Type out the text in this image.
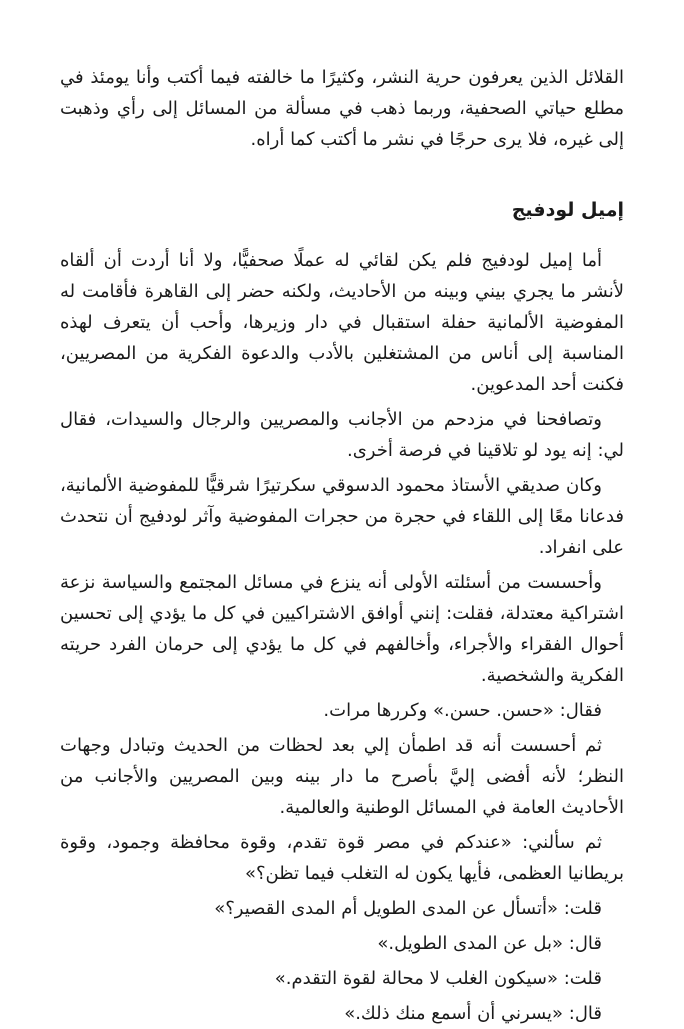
القلائل الذين يعرفون حرية النشر، وكثيرًا ما خالفته فيما أكتب وأنا يومئذ في مطلع حياتي الصحفية، وربما ذهب في مسألة من المسائل إلى رأي وذهبت إلى غيره، فلا يرى حرجًا في نشر ما أكتب كما أراه.

إميل لودفيج

أما إميل لودفيج فلم يكن لقائي له عملًا صحفيًّا، ولا أنا أردت أن ألقاه لأنشر ما يجري بيني وبينه من الأحاديث، ولكنه حضر إلى القاهرة فأقامت له المفوضية الألمانية حفلة استقبال في دار وزيرها، وأحب أن يتعرف لهذه المناسبة إلى أناس من المشتغلين بالأدب والدعوة الفكرية من المصريين، فكنت أحد المدعوين.

وتصافحنا في مزدحم من الأجانب والمصريين والرجال والسيدات، فقال لي: إنه يود لو تلاقينا في فرصة أخرى.

وكان صديقي الأستاذ محمود الدسوقي سكرتيرًا شرقيًّا للمفوضية الألمانية، فدعانا معًا إلى اللقاء في حجرة من حجرات المفوضية وآثر لودفيج أن نتحدث على انفراد.

وأحسست من أسئلته الأولى أنه ينزع في مسائل المجتمع والسياسة نزعة اشتراكية معتدلة، فقلت: إنني أوافق الاشتراكيين في كل ما يؤدي إلى تحسين أحوال الفقراء والأجراء، وأخالفهم في كل ما يؤدي إلى حرمان الفرد حريته الفكرية والشخصية.

فقال: «حسن. حسن.» وكررها مرات.

ثم أحسست أنه قد اطمأن إلي بعد لحظات من الحديث وتبادل وجهات النظر؛ لأنه أفضى إليَّ بأصرح ما دار بينه وبين المصريين والأجانب من الأحاديث العامة في المسائل الوطنية والعالمية.

ثم سألني: «عندكم في مصر قوة تقدم، وقوة محافظة وجمود، وقوة بريطانيا العظمى، فأيها يكون له التغلب فيما تظن؟»

قلت: «أتسأل عن المدى الطويل أم المدى القصير؟»

قال: «بل عن المدى الطويل.»

قلت: «سيكون الغلب لا محالة لقوة التقدم.»

قال: «يسرني أن أسمع منك ذلك.»
